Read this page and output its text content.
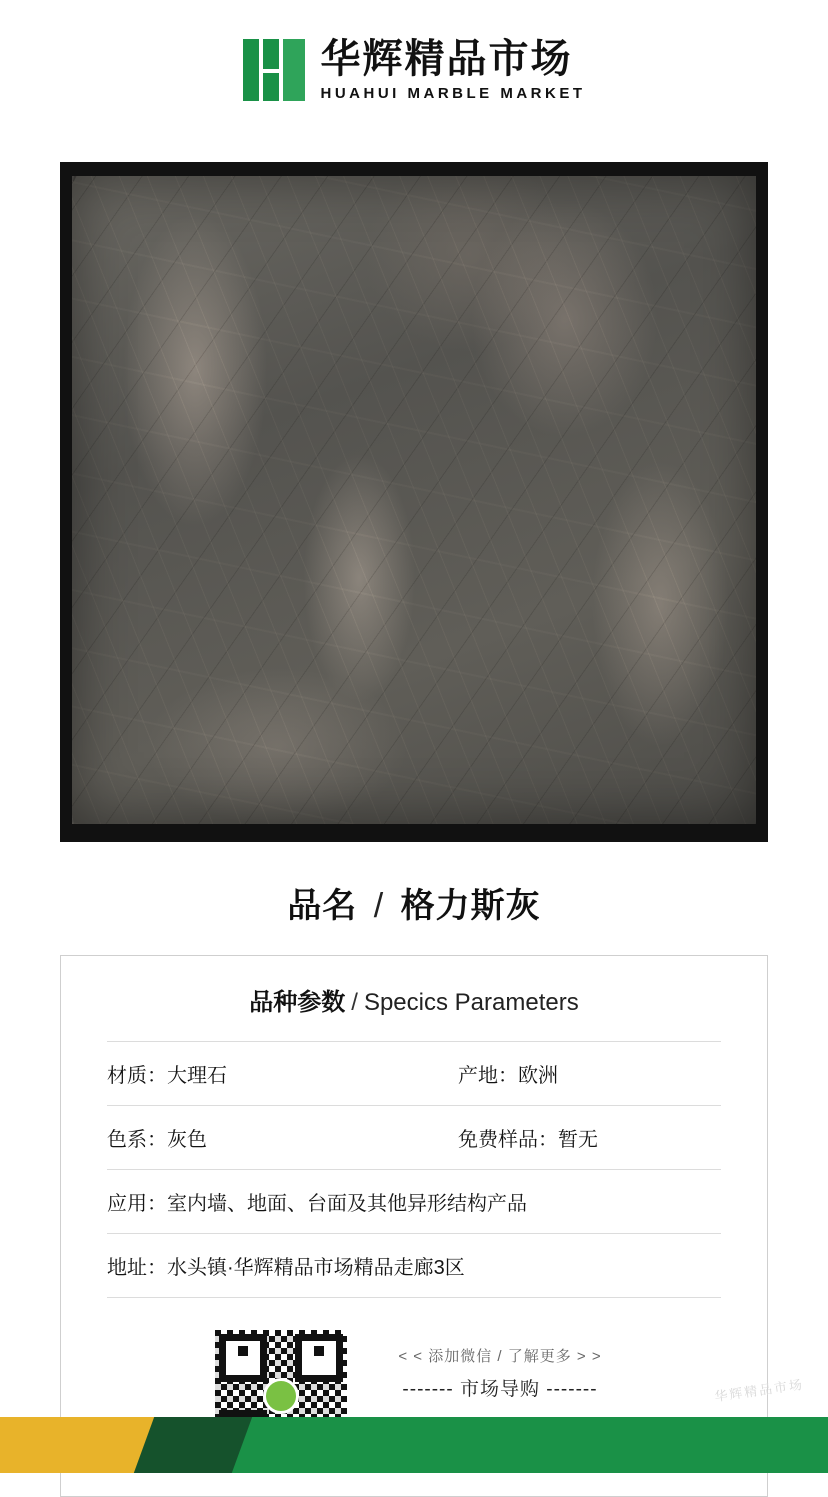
华辉精品市场
HUAHUI MARBLE MARKET
品名 / 格力斯灰
品种参数 / Specics Parameters
材质： 大理石	产地： 欧洲
色系： 灰色	免费样品： 暂无
应用： 室内墙、地面、台面及其他异形结构产品
地址： 水头镇·华辉精品市场精品走廊3区
< < 添加微信 / 了解更多 > >
------- 市场导购 -------	华辉精品市场
